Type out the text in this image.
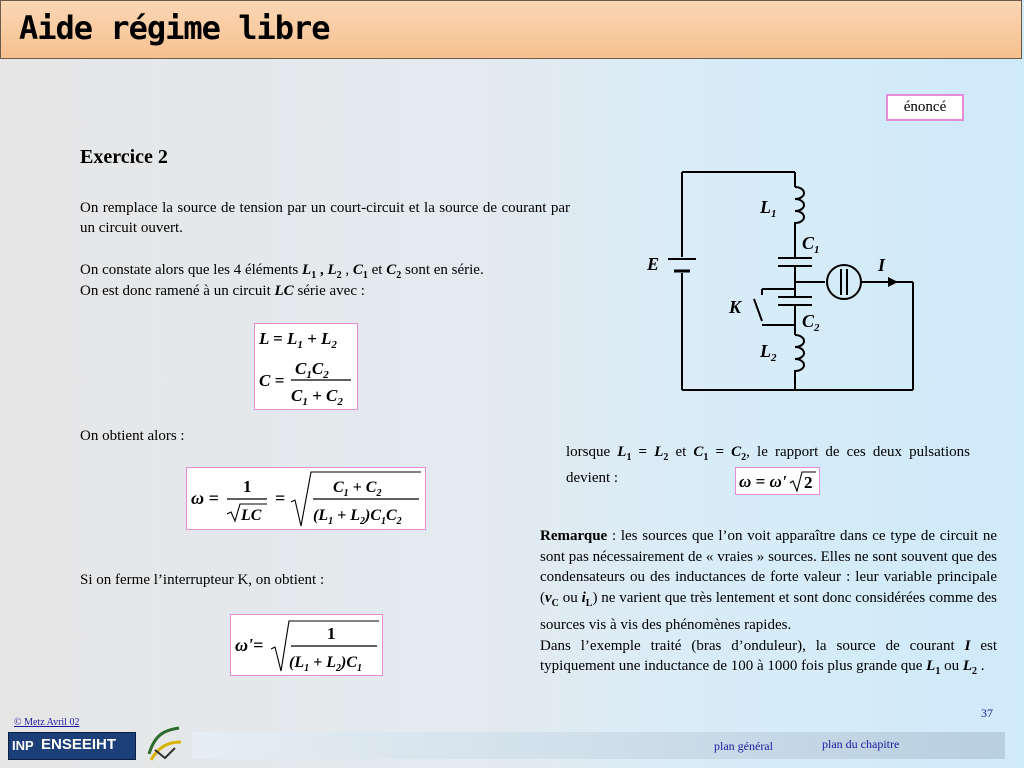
Aide régime libre
énoncé
Exercice 2
On remplace la source de tension par un court-circuit et la source de courant par un circuit ouvert.
On constate alors que les 4 éléments $L_1$ , $L_2$ , $C_1$ et $C_2$ sont en série.
On est donc ramené à un circuit LC série avec :
$L = L_1 + L_2$
C =
$C_1C_2$
$C_1 + C_2$
On obtient alors :
ω =
1
LC
=
$C_1 + C_2$
$(L_1 + L_2)C_1C_2$
Si on ferme l’interrupteur K, on obtient :
ω'=
1
$(L_1 + L_2)C_1$
$L_1$
$C_1$
E	I
K
$C_2$
$L_2$
lorsque $L_1 = L_2$ et $C_1 = C_2$, le rapport de ces deux pulsations devient :	ω = ω' 2
Remarque : les sources que l’on voit apparaître dans ce type de circuit ne sont pas nécessairement de « vraies » sources. Elles ne sont souvent que des condensateurs ou des inductances de forte valeur : leur variable principale ($v_C$ ou $i_L$) ne varient que très lentement et sont donc considérées comme des sources vis à vis des phénomènes rapides.
Dans l’exemple traité (bras d’onduleur), la source de courant I est typiquement une inductance de 100 à 1000 fois plus grande que $L_1$ ou $L_2$ .
© Metz Avril 02
37
INP ENSEEIHT	plan général	plan du chapitre
